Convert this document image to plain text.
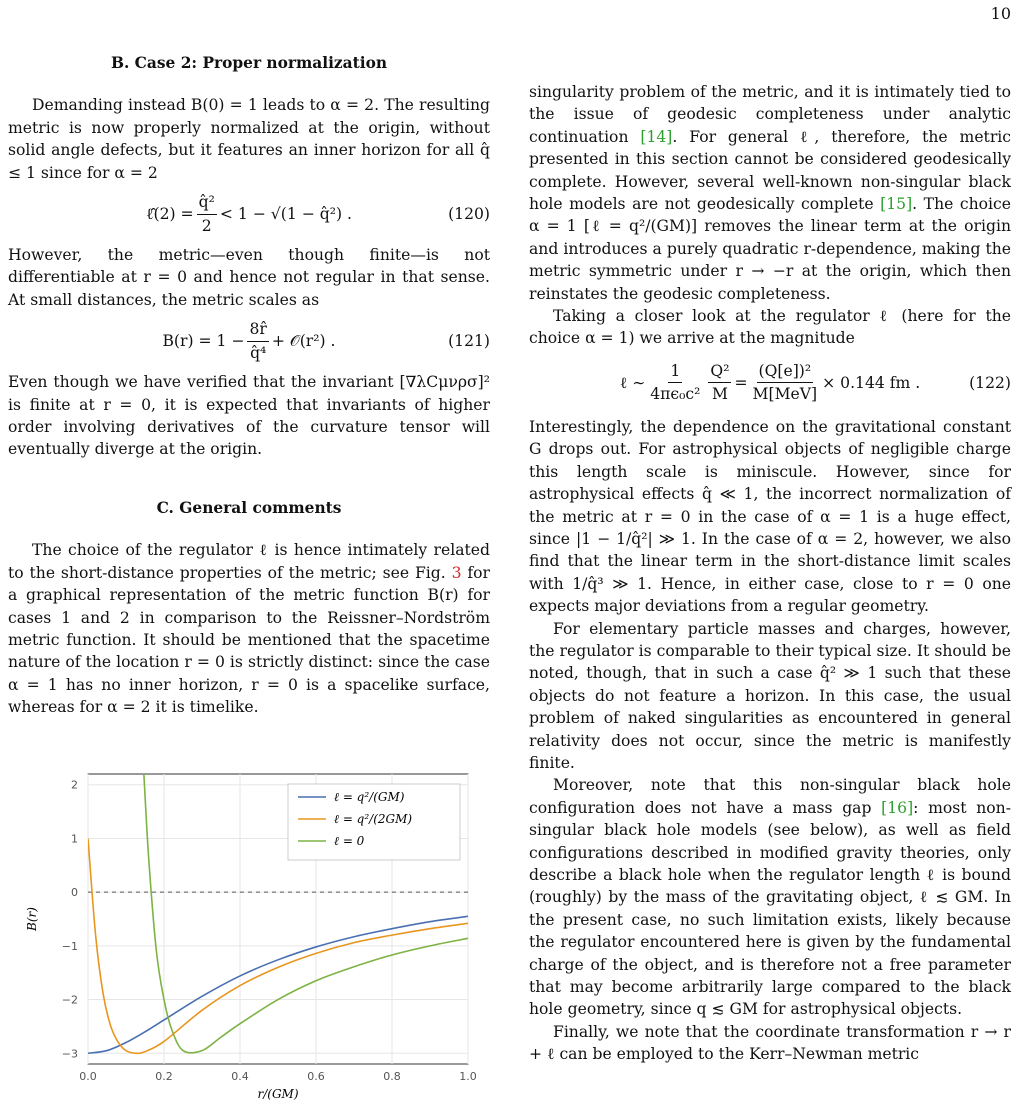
10
B. Case 2: Proper normalization

Demanding instead B(0) = 1 leads to α = 2. The resulting metric is now properly normalized at the origin, without solid angle defects, but it features an inner horizon for all q̂ ≤ 1 since for α = 2

ℓ̂(2) = $\frac{\text{q̂²}}{2} < 1 - √(1$ − q̂²) .	(120)

However, the metric—even though finite—is not differentiable at r = 0 and hence not regular in that sense. At small distances, the metric scales as

$B(r) = 1 - \frac{8r̂}{\text{q̂⁴}}$ + 𝒪(r²) .	(121)

Even though we have verified that the invariant [∇λCμνρσ]² is finite at r = 0, it is expected that invariants of higher order involving derivatives of the curvature tensor will eventually diverge at the origin.

C. General comments

The choice of the regulator ℓ is hence intimately related to the short-distance properties of the metric; see Fig. 3 for a graphical representation of the metric function B(r) for cases 1 and 2 in comparison to the Reissner–Nordström metric function. It should be mentioned that the spacetime nature of the location r = 0 is strictly distinct: since the case α = 1 has no inner horizon, r = 0 is a spacelike surface, whereas for α = 2 it is timelike.

0.0	0.2	0.4	0.6	0.8	1.0
2
1
0
−1
−2
−3
ℓ = q²/(GM)
ℓ = q²/(2GM)
ℓ = 0
r/(GM)
B(r)

singularity problem of the metric, and it is intimately tied to the issue of geodesic completeness under analytic continuation [14]. For general ℓ, therefore, the metric presented in this section cannot be considered geodesically complete. However, several well-known non-singular black hole models are not geodesically complete [15]. The choice α = 1 [ℓ = q²/(GM)] removes the linear term at the origin and introduces a purely quadratic r-dependence, making the metric symmetric under r → −r at the origin, which then reinstates the geodesic completeness.

Taking a closer look at the regulator ℓ (here for the choice α = 1) we arrive at the magnitude

ℓ ∼ $\frac{1}{\text{4πϵ₀c²}} \frac{\text{Q²}}{M} = \frac{\text{(Q[e])²}}{\text{M[MeV]}} \times 0.144$ fm .	(122)

Interestingly, the dependence on the gravitational constant G drops out. For astrophysical objects of negligible charge this length scale is miniscule. However, since for astrophysical effects q̂ ≪ 1, the incorrect normalization of the metric at r = 0 in the case of α = 1 is a huge effect, since |1 − 1/q̂²| ≫ 1. In the case of α = 2, however, we also find that the linear term in the short-distance limit scales with 1/q̂³ ≫ 1. Hence, in either case, close to r = 0 one expects major deviations from a regular geometry.

For elementary particle masses and charges, however, the regulator is comparable to their typical size. It should be noted, though, that in such a case q̂² ≫ 1 such that these objects do not feature a horizon. In this case, the usual problem of naked singularities as encountered in general relativity does not occur, since the metric is manifestly finite.

Moreover, note that this non-singular black hole configuration does not have a mass gap [16]: most non-singular black hole models (see below), as well as field configurations described in modified gravity theories, only describe a black hole when the regulator length ℓ is bound (roughly) by the mass of the gravitating object, ℓ ≲ GM. In the present case, no such limitation exists, likely because the regulator encountered here is given by the fundamental charge of the object, and is therefore not a free parameter that may become arbitrarily large compared to the black hole geometry, since q ≲ GM for astrophysical objects.

Finally, we note that the coordinate transformation r → r + ℓ can be employed to the Kerr–Newman metric
